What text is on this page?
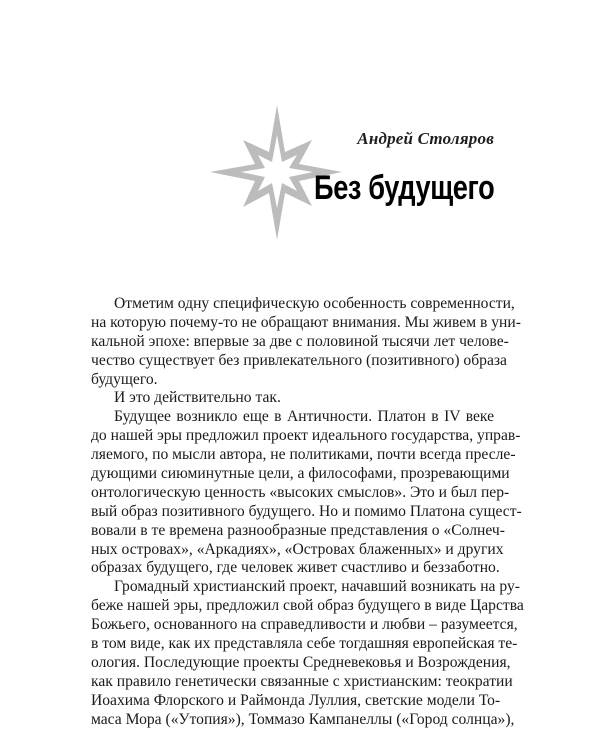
Андрей Столяров
Без будущего
Отметим одну специфическую особенность современности,
на которую почему-то не обращают внимания. Мы живем в уни-
кальной эпохе: впервые за две с половиной тысячи лет челове-
чество существует без привлекательного (позитивного) образа
будущего.
И это действительно так.
Будущее возникло еще в Античности. Платон в IV веке
до нашей эры предложил проект идеального государства, управ-
ляемого, по мысли автора, не политиками, почти всегда пресле-
дующими сиюминутные цели, а философами, прозревающими
онтологическую ценность «высоких смыслов». Это и был пер-
вый образ позитивного будущего. Но и помимо Платона сущест-
вовали в те времена разнообразные представления о «Солнеч-
ных островах», «Аркадиях», «Островах блаженных» и других
образах будущего, где человек живет счастливо и беззаботно.
Громадный христианский проект, начавший возникать на ру-
беже нашей эры, предложил свой образ будущего в виде Царства
Божьего, основанного на справедливости и любви – разумеется,
в том виде, как их представляла себе тогдашняя европейская те-
ология. Последующие проекты Средневековья и Возрождения,
как правило генетически связанные с христианским: теократии
Иоахима Флорского и Раймонда Луллия, светские модели То-
маса Мора («Утопия»), Томмазо Кампанеллы («Город солнца»),
